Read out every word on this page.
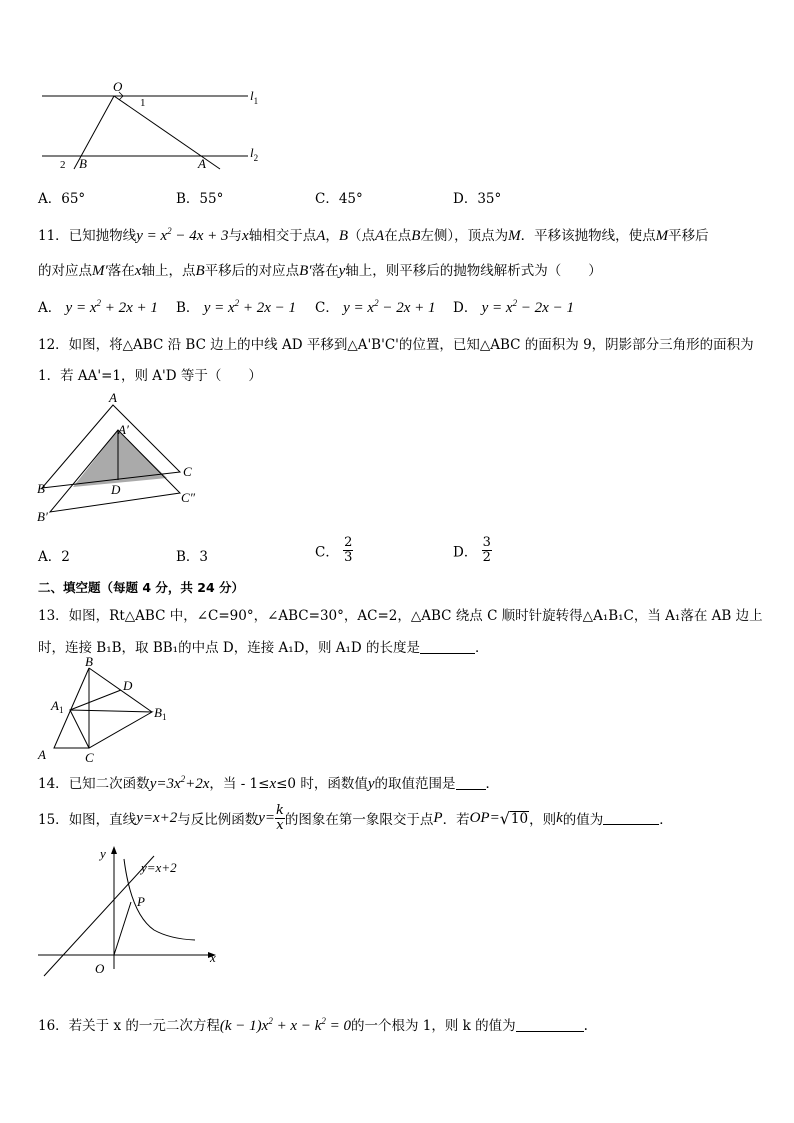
O
1
2 B	A
$l_1$
$l_2$
A．65°	B．55°	C．45°	D．35°
11．已知抛物线$y = x^2 - 4x + 3$与x轴相交于点A，B（点A在点B左侧），顶点为M．平移该抛物线，使点M平移后
的对应点M′落在x轴上，点B平移后的对应点B′落在y轴上，则平移后的抛物线解析式为（　　）
A． $y = x^2 + 2x + 1$ B． $y = x^2 + 2x - 1$ C． $y = x^2 - 2x + 1$ D． $y = x^2 - 2x - 1$
12．如图，将△ABC 沿 BC 边上的中线 AD 平移到△A'B'C'的位置，已知△ABC 的面积为 9，阴影部分三角形的面积为
1．若 AA'=1，则 A'D 等于（　　）
A
A′
B
B′
C
C″
D
A．2	B．3	C． $\frac{2}{3}$	D． $\frac{3}{2}$
二、填空题（每题 4 分，共 24 分）
13．如图，Rt△ABC 中，∠C=90°，∠ABC=30°，AC=2，△ABC 绕点 C 顺时针旋转得△A₁B₁C，当 A₁落在 AB 边上
时，连接 B₁B，取 BB₁的中点 D，连接 A₁D，则 A₁D 的长度是	．
B
D
$A_1$	$B_1$
A	C
14．已知二次函数$y=3x^2+2x$，当 - 1≤x≤0 时，函数值y的取值范围是 ．
15． 如图，直线 y=x+2 与反比例函数 $y= \frac{k}{x}$ 的图象在第一象限交于点 P ．若 OP= √ 10 ，则 k 的值为	．
y
x
O
P
y=x+2
16．若关于 x 的一元二次方程$(k - 1)x^2 + x - k^2 = 0$的一个根为 1，则 k 的值为	.
